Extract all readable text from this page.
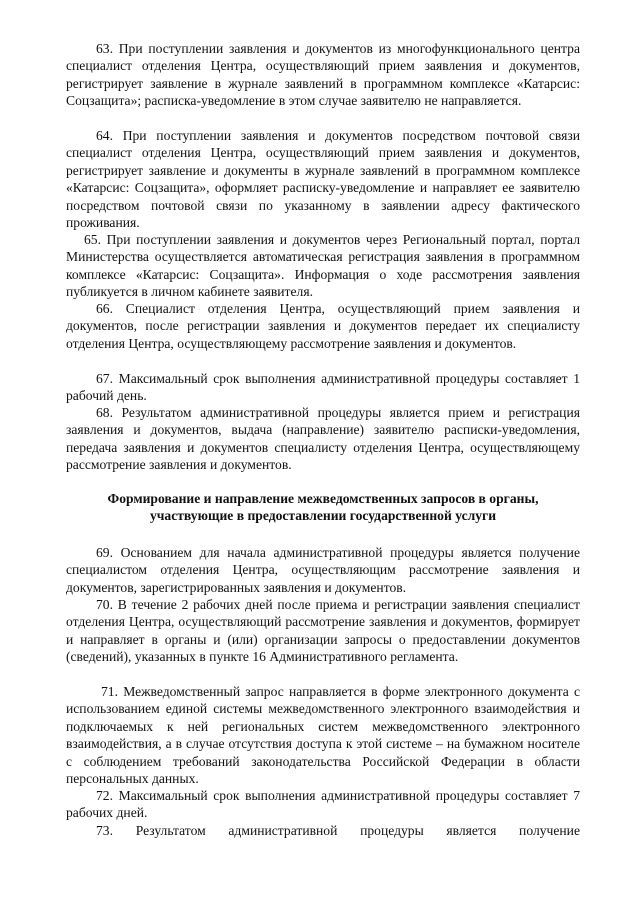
63. При поступлении заявления и документов из многофункционального центра специалист отделения Центра, осуществляющий прием заявления и документов, регистрирует заявление в журнале заявлений в программном комплексе «Катарсис: Соцзащита»; расписка-уведомление в этом случае заявителю не направляется.

64. При поступлении заявления и документов посредством почтовой связи специалист отделения Центра, осуществляющий прием заявления и документов, регистрирует заявление и документы в журнале заявлений в программном комплексе «Катарсис: Соцзащита», оформляет расписку-уведомление и направляет ее заявителю посредством почтовой связи по указанному в заявлении адресу фактического проживания.

65. При поступлении заявления и документов через Региональный портал, портал Министерства осуществляется автоматическая регистрация заявления в программном комплексе «Катарсис: Соцзащита». Информация о ходе рассмотрения заявления публикуется в личном кабинете заявителя.

66. Специалист отделения Центра, осуществляющий прием заявления и документов, после регистрации заявления и документов передает их специалисту отделения Центра, осуществляющему рассмотрение заявления и документов.

67. Максимальный срок выполнения административной процедуры составляет 1 рабочий день.

68. Результатом административной процедуры является прием и регистрация заявления и документов, выдача (направление) заявителю расписки-уведомления, передача заявления и документов специалисту отделения Центра, осуществляющему рассмотрение заявления и документов.

Формирование и направление межведомственных запросов в органы, участвующие в предоставлении государственной услуги

69. Основанием для начала административной процедуры является получение специалистом отделения Центра, осуществляющим рассмотрение заявления и документов, зарегистрированных заявления и документов.

70. В течение 2 рабочих дней после приема и регистрации заявления специалист отделения Центра, осуществляющий рассмотрение заявления и документов, формирует и направляет в органы и (или) организации запросы о предоставлении документов (сведений), указанных в пункте 16 Административного регламента.

71. Межведомственный запрос направляется в форме электронного документа с использованием единой системы межведомственного электронного взаимодействия и подключаемых к ней региональных систем межведомственного электронного взаимодействия, а в случае отсутствия доступа к этой системе – на бумажном носителе с соблюдением требований законодательства Российской Федерации в области персональных данных.

72. Максимальный срок выполнения административной процедуры составляет 7 рабочих дней.

73. Результатом административной процедуры является получение
